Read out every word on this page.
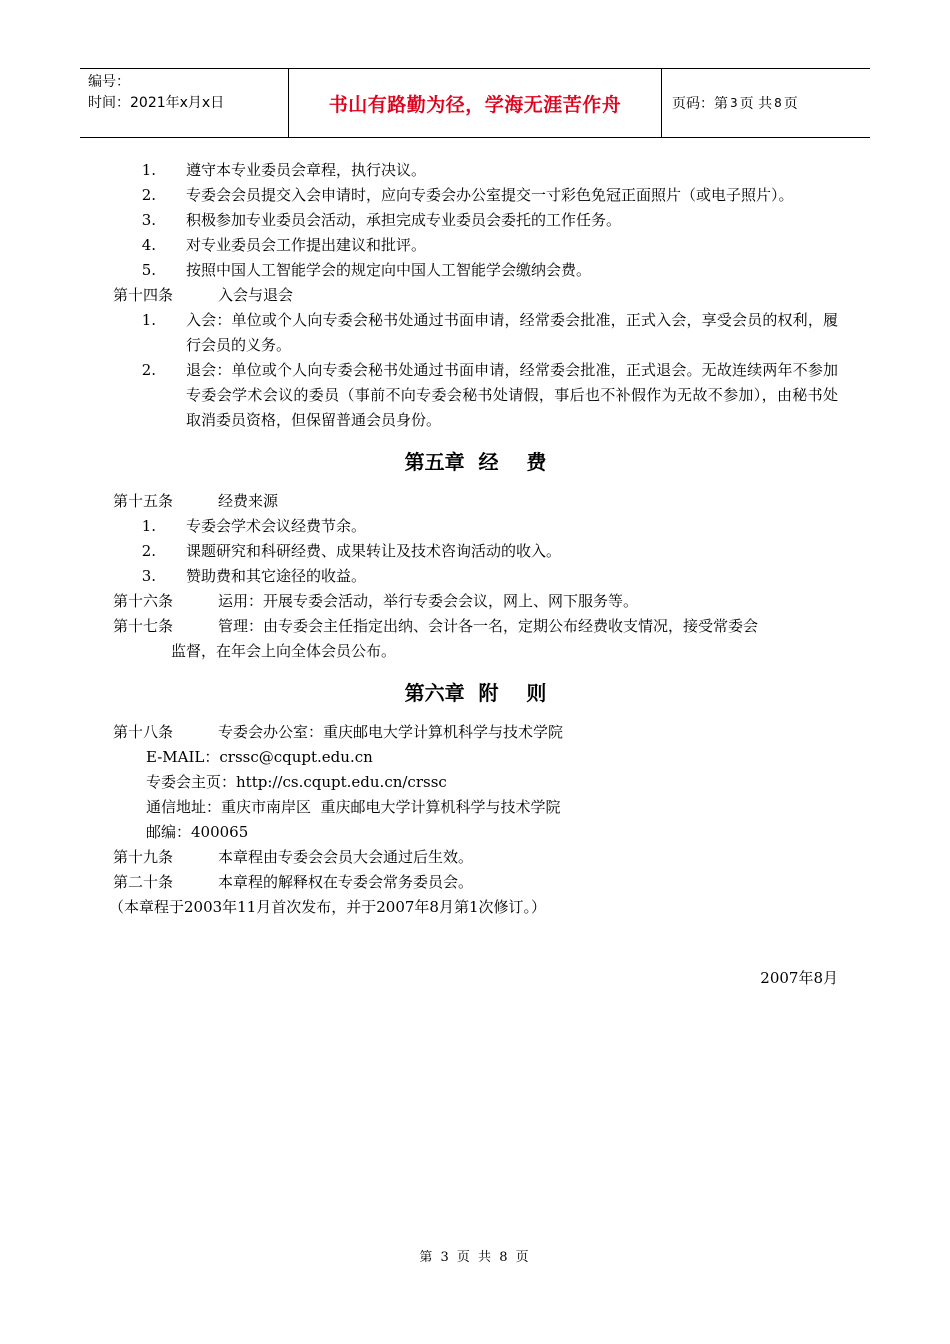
编号：
时间：2021年x月x日	书山有路勤为径，学海无涯苦作舟	页码：第 3 页 共 8 页
1.	遵守本专业委员会章程，执行决议。
2.	专委会会员提交入会申请时，应向专委会办公室提交一寸彩色免冠正面照片（或电子照片）。
3.	积极参加专业委员会活动，承担完成专业委员会委托的工作任务。
4.	对专业委员会工作提出建议和批评。
5.	按照中国人工智能学会的规定向中国人工智能学会缴纳会费。
第十四条	入会与退会
1.	入会：单位或个人向专委会秘书处通过书面申请，经常委会批准，正式入会，享受会员的权利，履行会员的义务。
2.	退会：单位或个人向专委会秘书处通过书面申请，经常委会批准，正式退会。无故连续两年不参加专委会学术会议的委员（事前不向专委会秘书处请假，事后也不补假作为无故不参加），由秘书处取消委员资格，但保留普通会员身份。
第五章  经    费
第十五条	经费来源
1.	专委会学术会议经费节余。
2.	课题研究和科研经费、成果转让及技术咨询活动的收入。
3.	赞助费和其它途径的收益。
第十六条	运用：开展专委会活动，举行专委会会议，网上、网下服务等。
第十七条	管理：由专委会主任指定出纳、会计各一名，定期公布经费收支情况，接受常委会
监督，在年会上向全体会员公布。
第六章  附    则
第十八条	专委会办公室：重庆邮电大学计算机科学与技术学院
E-MAIL：crssc@cqupt.edu.cn
专委会主页：http://cs.cqupt.edu.cn/crssc
通信地址：重庆市南岸区  重庆邮电大学计算机科学与技术学院
邮编：400065
第十九条	本章程由专委会会员大会通过后生效。
第二十条	本章程的解释权在专委会常务委员会。
（本章程于2003年11月首次发布，并于2007年8月第1次修订。）
2007年8月
第 3 页 共 8 页
